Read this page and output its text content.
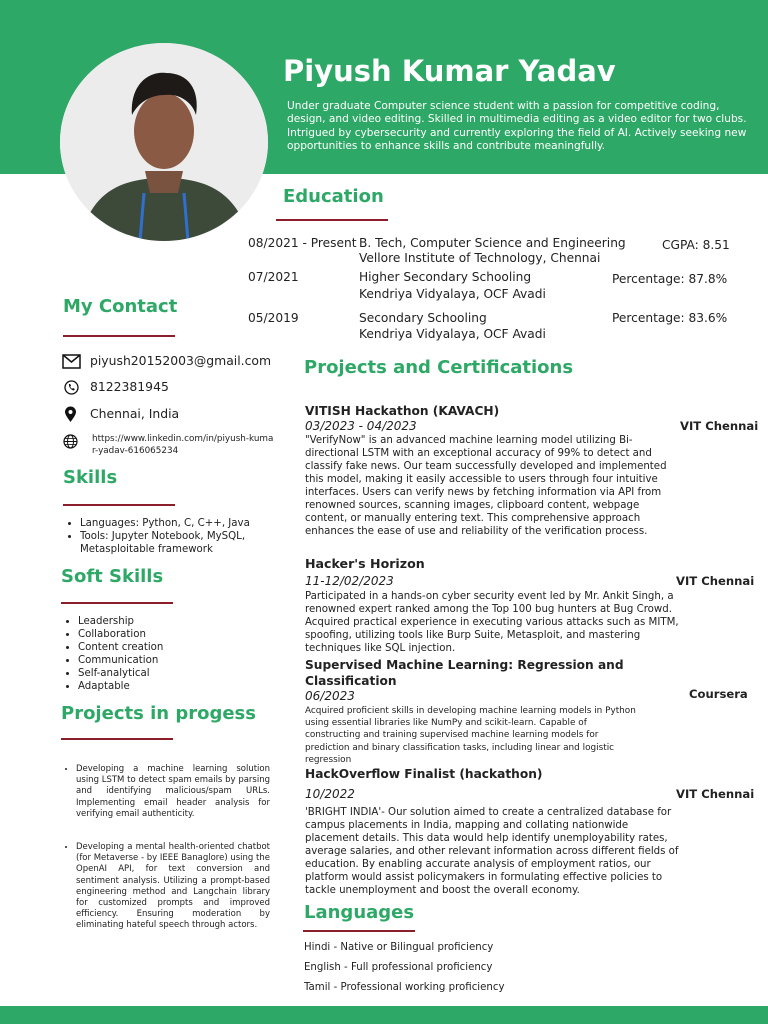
Piyush Kumar Yadav
Under graduate Computer science student with a passion for competitive coding, design, and video editing. Skilled in multimedia editing as a video editor for two clubs. Intrigued by cybersecurity and currently exploring the field of AI. Actively seeking new opportunities to enhance skills and contribute meaningfully.
Education
08/2021 - Present B. Tech, Computer Science and Engineering
Vellore Institute of Technology, Chennai
CGPA: 8.51
07/2021	Higher Secondary Schooling
Kendriya Vidyalaya, OCF Avadi
Percentage: 87.8%
05/2019	Secondary Schooling
Kendriya Vidyalaya, OCF Avadi
Percentage: 83.6%
My Contact
piyush20152003@gmail.com
8122381945
Chennai, India
https://www.linkedin.com/in/piyush-kumar-yadav-616065234
Skills
• Languages: Python, C, C++, Java
• Tools: Jupyter Notebook, MySQL, Metasploitable framework
Soft Skills
• Leadership
• Collaboration
• Content creation
• Communication
• Self-analytical
• Adaptable
Projects in progess
• Developing a machine learning solution using LSTM to detect spam emails by parsing and identifying malicious/spam URLs. Implementing email header analysis for verifying email authenticity.
• Developing a mental health-oriented chatbot (for Metaverse - by IEEE Banaglore) using the OpenAI API, for text conversion and sentiment analysis. Utilizing a prompt-based engineering method and Langchain library for customized prompts and improved efficiency. Ensuring moderation by eliminating hateful speech through actors.
Projects and Certifications
VITISH Hackathon (KAVACH)
03/2023 - 04/2023	VIT Chennai
"VerifyNow" is an advanced machine learning model utilizing Bi-directional LSTM with an exceptional accuracy of 99% to detect and classify fake news. Our team successfully developed and implemented this model, making it easily accessible to users through four intuitive interfaces. Users can verify news by fetching information via API from renowned sources, scanning images, clipboard content, webpage content, or manually entering text. This comprehensive approach enhances the ease of use and reliability of the verification process.
Hacker's Horizon
11-12/02/2023	VIT Chennai
Participated in a hands-on cyber security event led by Mr. Ankit Singh, a renowned expert ranked among the Top 100 bug hunters at Bug Crowd. Acquired practical experience in executing various attacks such as MITM, spoofing, utilizing tools like Burp Suite, Metasploit, and mastering techniques like SQL injection.
Supervised Machine Learning: Regression and Classification
06/2023	Coursera
Acquired proficient skills in developing machine learning models in Python using essential libraries like NumPy and scikit-learn. Capable of constructing and training supervised machine learning models for prediction and binary classification tasks, including linear and logistic regression
HackOverflow Finalist (hackathon)
10/2022	VIT Chennai
'BRIGHT INDIA'- Our solution aimed to create a centralized database for campus placements in India, mapping and collating nationwide placement details. This data would help identify unemployability rates, average salaries, and other relevant information across different fields of education. By enabling accurate analysis of employment ratios, our platform would assist policymakers in formulating effective policies to tackle unemployment and boost the overall economy.
Languages
Hindi - Native or Bilingual proficiency
English - Full professional proficiency
Tamil - Professional working proficiency
